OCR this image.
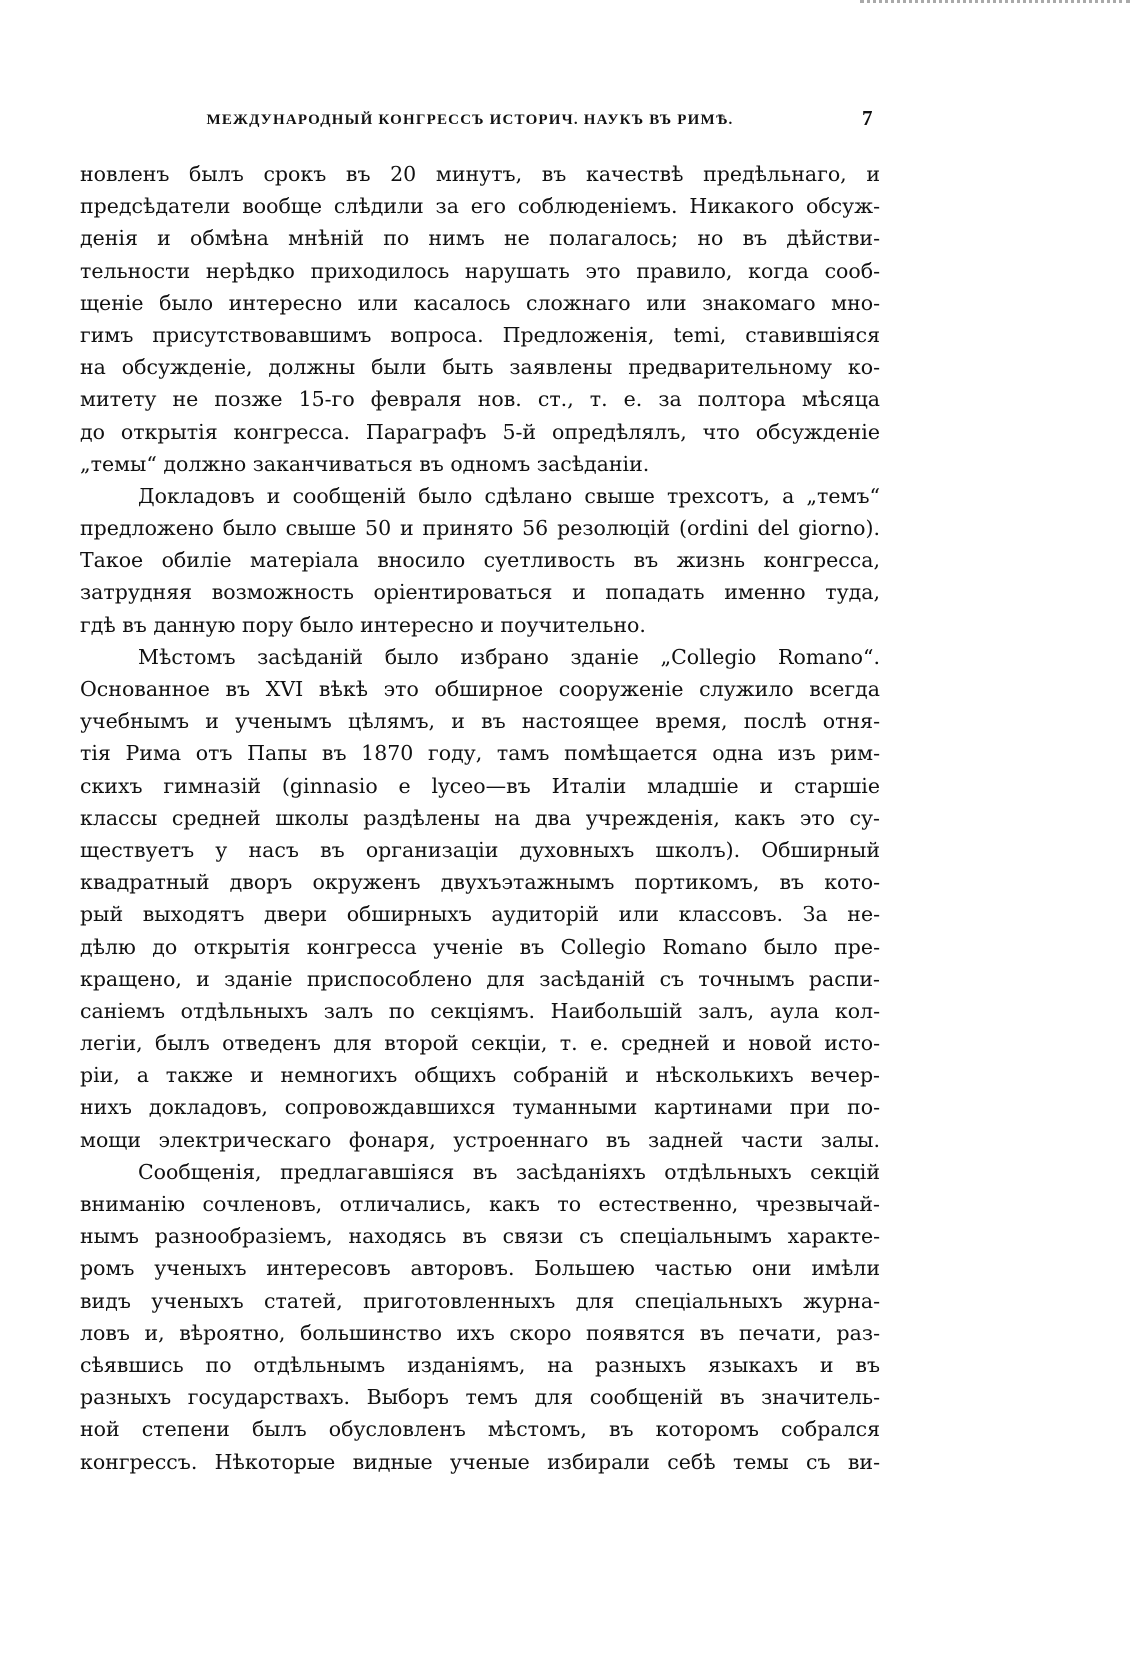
МЕЖДУНАРОДНЫЙ КОНГРЕССЪ ИСТОРИЧ. НАУКЪ ВЪ РИМѢ.	7
новленъ былъ срокъ въ 20 минутъ, въ качествѣ предѣльнаго, и
предсѣдатели вообще слѣдили за его соблюденіемъ. Никакого обсуж-
денія и обмѣна мнѣній по нимъ не полагалось; но въ дѣйстви-
тельности нерѣдко приходилось нарушать это правило, когда сооб-
щеніе было интересно или касалось сложнаго или знакомаго мно-
гимъ присутствовавшимъ вопроса. Предложенія, temi, ставившіяся
на обсужденіе, должны были быть заявлены предварительному ко-
митету не позже 15-го февраля нов. ст., т. е. за полтора мѣсяца
до открытія конгресса. Параграфъ 5-й опредѣлялъ, что обсужденіе
„темы“ должно заканчиваться въ одномъ засѣданіи.
Докладовъ и сообщеній было сдѣлано свыше трехсотъ, а „темъ“
предложено было свыше 50 и принято 56 резолюцій (ordini del giorno).
Такое обиліе матеріала вносило суетливость въ жизнь конгресса,
затрудняя возможность оріентироваться и попадать именно туда,
гдѣ въ данную пору было интересно и поучительно.
Мѣстомъ засѣданій было избрано зданіе „Collegio Romano“.
Основанное въ XVI вѣкѣ это обширное сооруженіе служило всегда
учебнымъ и ученымъ цѣлямъ, и въ настоящее время, послѣ отня-
тія Рима отъ Папы въ 1870 году, тамъ помѣщается одна изъ рим-
скихъ гимназій (ginnasio e lyceo—въ Италіи младшіе и старшіе
классы средней школы раздѣлены на два учрежденія, какъ это су-
ществуетъ у насъ въ организаціи духовныхъ школъ). Обширный
квадратный дворъ окруженъ двухъэтажнымъ портикомъ, въ кото-
рый выходятъ двери обширныхъ аудиторій или классовъ. За не-
дѣлю до открытія конгресса ученіе въ Collegio Romano было пре-
кращено, и зданіе приспособлено для засѣданій съ точнымъ распи-
саніемъ отдѣльныхъ залъ по секціямъ. Наибольшій залъ, аула кол-
легіи, былъ отведенъ для второй секціи, т. е. средней и новой исто-
ріи, а также и немногихъ общихъ собраній и нѣсколькихъ вечер-
нихъ докладовъ, сопровождавшихся туманными картинами при по-
мощи электрическаго фонаря, устроеннаго въ задней части залы.
Сообщенія, предлагавшіяся въ засѣданіяхъ отдѣльныхъ секцій
вниманію сочленовъ, отличались, какъ то естественно, чрезвычай-
нымъ разнообразіемъ, находясь въ связи съ спеціальнымъ характе-
ромъ ученыхъ интересовъ авторовъ. Большею частью они имѣли
видъ ученыхъ статей, приготовленныхъ для спеціальныхъ журна-
ловъ и, вѣроятно, большинство ихъ скоро появятся въ печати, раз-
сѣявшись по отдѣльнымъ изданіямъ, на разныхъ языкахъ и въ
разныхъ государствахъ. Выборъ темъ для сообщеній въ значитель-
ной степени былъ обусловленъ мѣстомъ, въ которомъ собрался
конгрессъ. Нѣкоторые видные ученые избирали себѣ темы съ ви-
